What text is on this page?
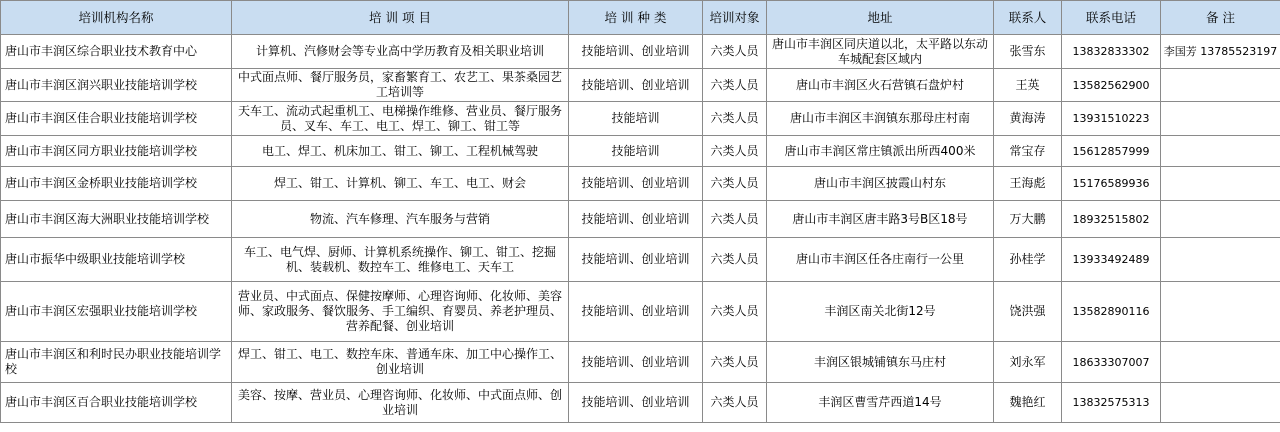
培训机构名称	培 训 项 目	培 训 种 类	培训对象	地址	联系人	联系电话	备 注
唐山市丰润区综合职业技术教育中心	计算机、汽修财会等专业高中学历教育及相关职业培训	技能培训、创业培训	六类人员	唐山市丰润区同庆道以北，太平路以东动车城配套区域内	张雪东	13832833302	李国芳 13785523197
唐山市丰润区润兴职业技能培训学校	中式面点师、餐厅服务员，家畜繁育工、农艺工、果茶桑园艺工培训等	技能培训、创业培训	六类人员	唐山市丰润区火石营镇石盘炉村	王英	13582562900	
唐山市丰润区佳合职业技能培训学校	天车工、流动式起重机工、电梯操作维修、营业员、餐厅服务员、叉车、车工、电工、焊工、铆工、钳工等	技能培训	六类人员	唐山市丰润区丰润镇东那母庄村南	黄海涛	13931510223	
唐山市丰润区同方职业技能培训学校	电工、焊工、机床加工、钳工、铆工、工程机械驾驶	技能培训	六类人员	唐山市丰润区常庄镇派出所西400米	常宝存	15612857999	
唐山市丰润区金桥职业技能培训学校	焊工、钳工、计算机、铆工、车工、电工、财会	技能培训、创业培训	六类人员	唐山市丰润区披霞山村东	王海彪	15176589936	
唐山市丰润区海大洲职业技能培训学校	物流、汽车修理、汽车服务与营销	技能培训、创业培训	六类人员	唐山市丰润区唐丰路3号B区18号	万大鹏	18932515802	
唐山市振华中级职业技能培训学校	车工、电气焊、厨师、计算机系统操作、铆工、钳工、挖掘机、装载机、数控车工、维修电工、天车工	技能培训、创业培训	六类人员	唐山市丰润区任各庄南行一公里	孙桂学	13933492489	
唐山市丰润区宏强职业技能培训学校	营业员、中式面点、保健按摩师、心理咨询师、化妆师、美容师、家政服务、餐饮服务、手工编织、育婴员、养老护理员、营养配餐、创业培训	技能培训、创业培训	六类人员	丰润区南关北街12号	饶洪强	13582890116	
唐山市丰润区和利时民办职业技能培训学校	焊工、钳工、电工、数控车床、普通车床、加工中心操作工、创业培训	技能培训、创业培训	六类人员	丰润区银城铺镇东马庄村	刘永军	18633307007	
唐山市丰润区百合职业技能培训学校	美容、按摩、营业员、心理咨询师、化妆师、中式面点师、创业培训	技能培训、创业培训	六类人员	丰润区曹雪芹西道14号	魏艳红	13832575313	
